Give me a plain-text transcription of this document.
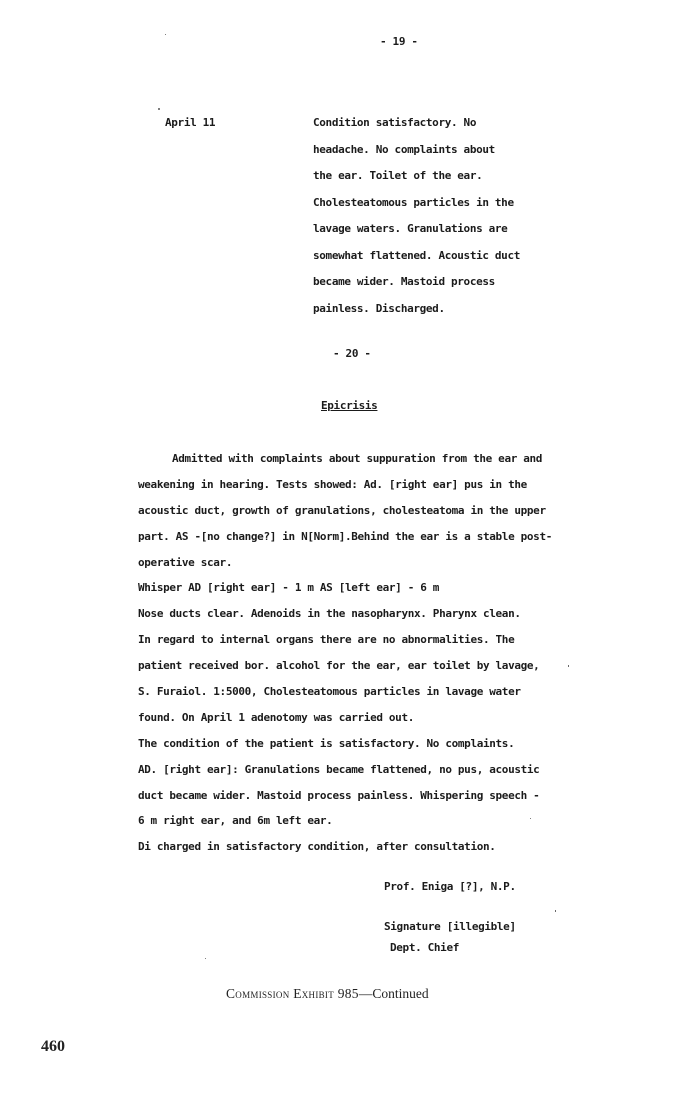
- 19 -
April 11	Condition satisfactory. No
headache. No complaints about
the ear. Toilet of the ear.
Cholesteatomous particles in the
lavage waters. Granulations are
somewhat flattened. Acoustic duct
became wider. Mastoid process
painless. Discharged.
- 20 -
Epicrisis
Admitted with complaints about suppuration from the ear and
weakening in hearing. Tests showed: Ad. [right ear] pus in the
acoustic duct, growth of granulations, cholesteatoma in the upper
part. AS -[no change?] in N[Norm].Behind the ear is a stable post-
operative scar.
Whisper AD [right ear] - 1 m AS [left ear] - 6 m
Nose ducts clear. Adenoids in the nasopharynx. Pharynx clean.
In regard to internal organs there are no abnormalities. The
patient received bor. alcohol for the ear, ear toilet by lavage,
S. Furaiol. 1:5000, Cholesteatomous particles in lavage water
found. On April 1 adenotomy was carried out.
The condition of the patient is satisfactory. No complaints.
AD. [right ear]: Granulations became flattened, no pus, acoustic
duct became wider. Mastoid process painless. Whispering speech -
6 m right ear, and 6m left ear.
Di charged in satisfactory condition, after consultation.
Prof. Eniga [?], N.P.
Signature [illegible]
Dept. Chief
Commission Exhibit 985—Continued
460
